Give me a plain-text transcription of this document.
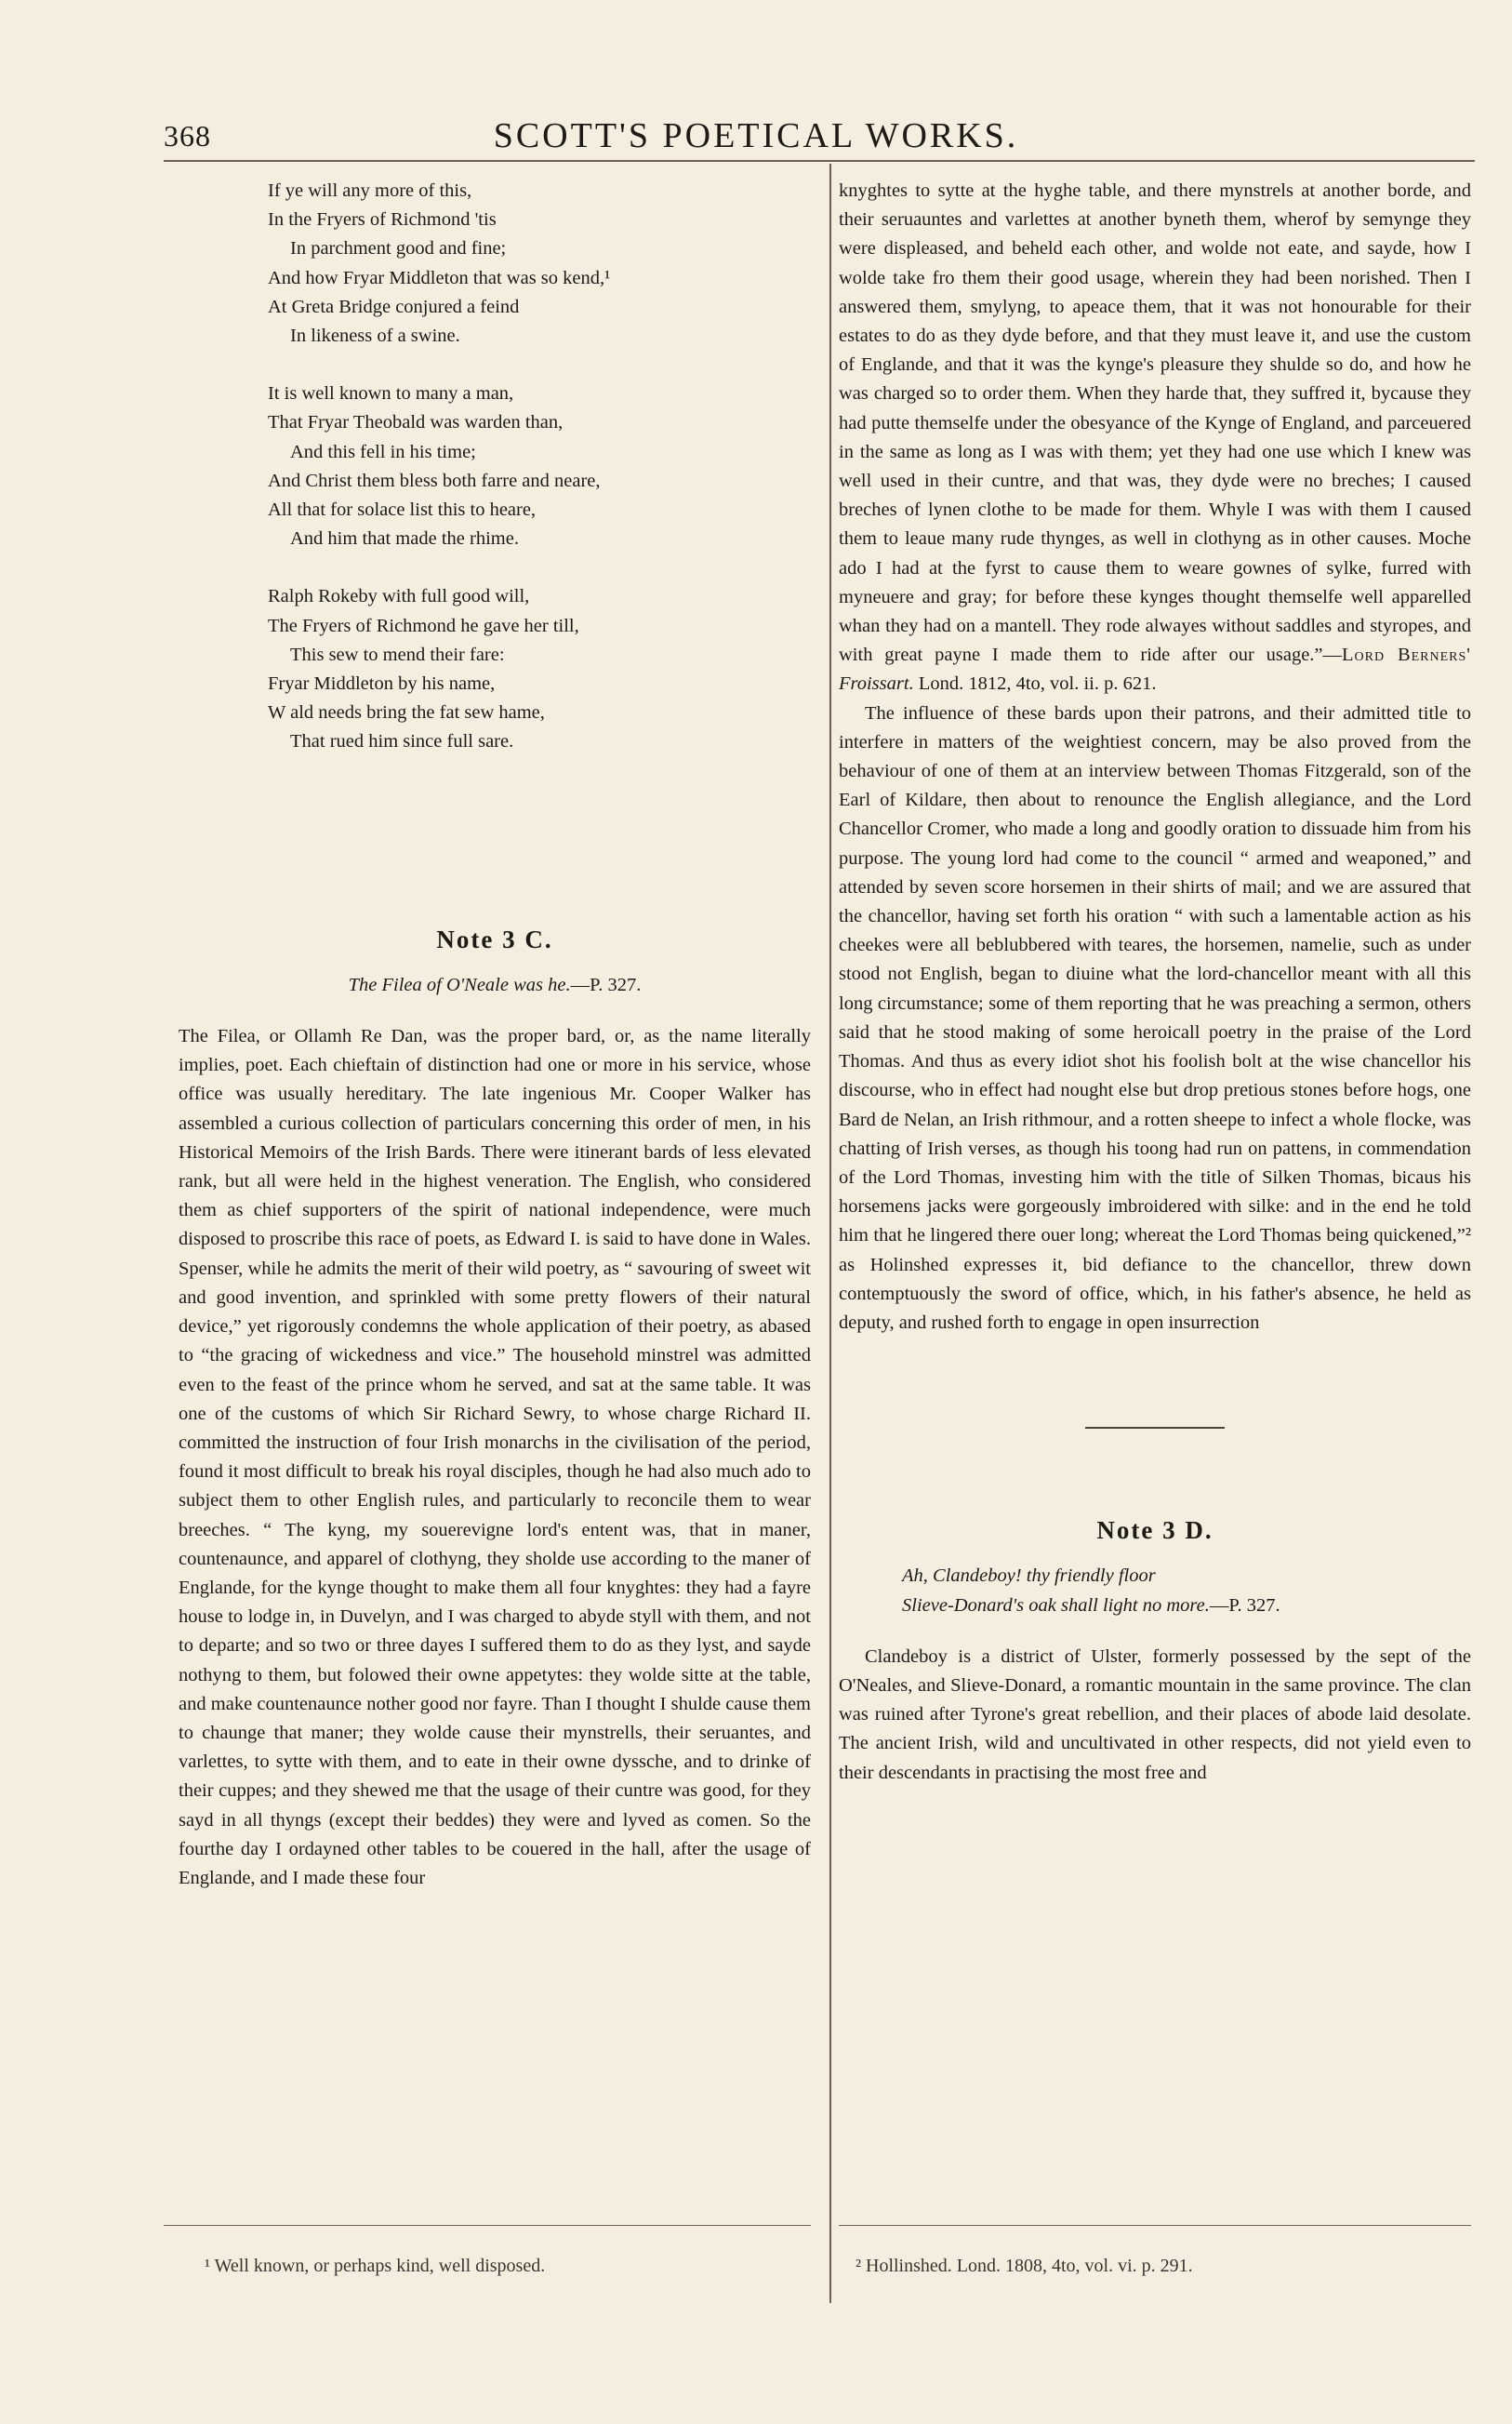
368	SCOTT'S POETICAL WORKS.
If ye will any more of this,
In the Fryers of Richmond 'tis
In parchment good and fine;
And how Fryar Middleton that was so kend,¹
At Greta Bridge conjured a feind
In likeness of a swine.
It is well known to many a man,
That Fryar Theobald was warden than,
And this fell in his time;
And Christ them bless both farre and neare,
All that for solace list this to heare,
And him that made the rhime.
Ralph Rokeby with full good will,
The Fryers of Richmond he gave her till,
This sew to mend their fare:
Fryar Middleton by his name,
W ald needs bring the fat sew hame,
That rued him since full sare.
Note 3 C.
The Filea of O'Neale was he.—P. 327.

The Filea, or Ollamh Re Dan, was the proper bard, or, as the name literally implies, poet. Each chieftain of distinction had one or more in his service, whose office was usually hereditary. The late ingenious Mr. Cooper Walker has assembled a curious collection of particulars concerning this order of men, in his Historical Memoirs of the Irish Bards. There were itinerant bards of less elevated rank, but all were held in the highest veneration. The English, who considered them as chief supporters of the spirit of national independence, were much disposed to proscribe this race of poets, as Edward I. is said to have done in Wales. Spenser, while he admits the merit of their wild poetry, as “ savouring of sweet wit and good invention, and sprinkled with some pretty flowers of their natural device,” yet rigorously condemns the whole application of their poetry, as abased to “the gracing of wickedness and vice.” The household minstrel was admitted even to the feast of the prince whom he served, and sat at the same table. It was one of the customs of which Sir Richard Sewry, to whose charge Richard II. committed the instruction of four Irish monarchs in the civilisation of the period, found it most difficult to break his royal disciples, though he had also much ado to subject them to other English rules, and particularly to reconcile them to wear breeches. “ The kyng, my souerevigne lord's entent was, that in maner, countenaunce, and apparel of clothyng, they sholde use according to the maner of Englande, for the kynge thought to make them all four knyghtes: they had a fayre house to lodge in, in Duvelyn, and I was charged to abyde styll with them, and not to departe; and so two or three dayes I suffered them to do as they lyst, and sayde nothyng to them, but folowed their owne appetytes: they wolde sitte at the table, and make countenaunce nother good nor fayre. Than I thought I shulde cause them to chaunge that maner; they wolde cause their mynstrells, their seruantes, and varlettes, to sytte with them, and to eate in their owne dyssche, and to drinke of their cuppes; and they shewed me that the usage of their cuntre was good, for they sayd in all thyngs (except their beddes) they were and lyved as comen. So the fourthe day I ordayned other tables to be couered in the hall, after the usage of Englande, and I made these four

knyghtes to sytte at the hyghe table, and there mynstrels at another borde, and their seruauntes and varlettes at another byneth them, wherof by semynge they were displeased, and beheld each other, and wolde not eate, and sayde, how I wolde take fro them their good usage, wherein they had been norished. Then I answered them, smylyng, to apeace them, that it was not honourable for their estates to do as they dyde before, and that they must leave it, and use the custom of Englande, and that it was the kynge's pleasure they shulde so do, and how he was charged so to order them. When they harde that, they suffred it, bycause they had putte themselfe under the obesyance of the Kynge of England, and parceuered in the same as long as I was with them; yet they had one use which I knew was well used in their cuntre, and that was, they dyde were no breches; I caused breches of lynen clothe to be made for them. Whyle I was with them I caused them to leaue many rude thynges, as well in clothyng as in other causes. Moche ado I had at the fyrst to cause them to weare gownes of sylke, furred with myneuere and gray; for before these kynges thought themselfe well apparelled whan they had on a mantell. They rode alwayes without saddles and styropes, and with great payne I made them to ride after our usage.”—Lord Berners' Froissart. Lond. 1812, 4to, vol. ii. p. 621.

The influence of these bards upon their patrons, and their admitted title to interfere in matters of the weightiest concern, may be also proved from the behaviour of one of them at an interview between Thomas Fitzgerald, son of the Earl of Kildare, then about to renounce the English allegiance, and the Lord Chancellor Cromer, who made a long and goodly oration to dissuade him from his purpose. The young lord had come to the council “ armed and weaponed,” and attended by seven score horsemen in their shirts of mail; and we are assured that the chancellor, having set forth his oration “ with such a lamentable action as his cheekes were all beblubbered with teares, the horsemen, namelie, such as under stood not English, began to diuine what the lord-chancellor meant with all this long circumstance; some of them reporting that he was preaching a sermon, others said that he stood making of some heroicall poetry in the praise of the Lord Thomas. And thus as every idiot shot his foolish bolt at the wise chancellor his discourse, who in effect had nought else but drop pretious stones before hogs, one Bard de Nelan, an Irish rithmour, and a rotten sheepe to infect a whole flocke, was chatting of Irish verses, as though his toong had run on pattens, in commendation of the Lord Thomas, investing him with the title of Silken Thomas, bicaus his horsemens jacks were gorgeously imbroidered with silke: and in the end he told him that he lingered there ouer long; whereat the Lord Thomas being quickened,”² as Holinshed expresses it, bid defiance to the chancellor, threw down contemptuously the sword of office, which, in his father's absence, he held as deputy, and rushed forth to engage in open insurrection

Note 3 D.
Ah, Clandeboy! thy friendly floor
Slieve-Donard's oak shall light no more.—P. 327.

Clandeboy is a district of Ulster, formerly possessed by the sept of the O'Neales, and Slieve-Donard, a romantic mountain in the same province. The clan was ruined after Tyrone's great rebellion, and their places of abode laid desolate. The ancient Irish, wild and uncultivated in other respects, did not yield even to their descendants in practising the most free and

¹ Well known, or perhaps kind, well disposed.	² Hollinshed. Lond. 1808, 4to, vol. vi. p. 291.
